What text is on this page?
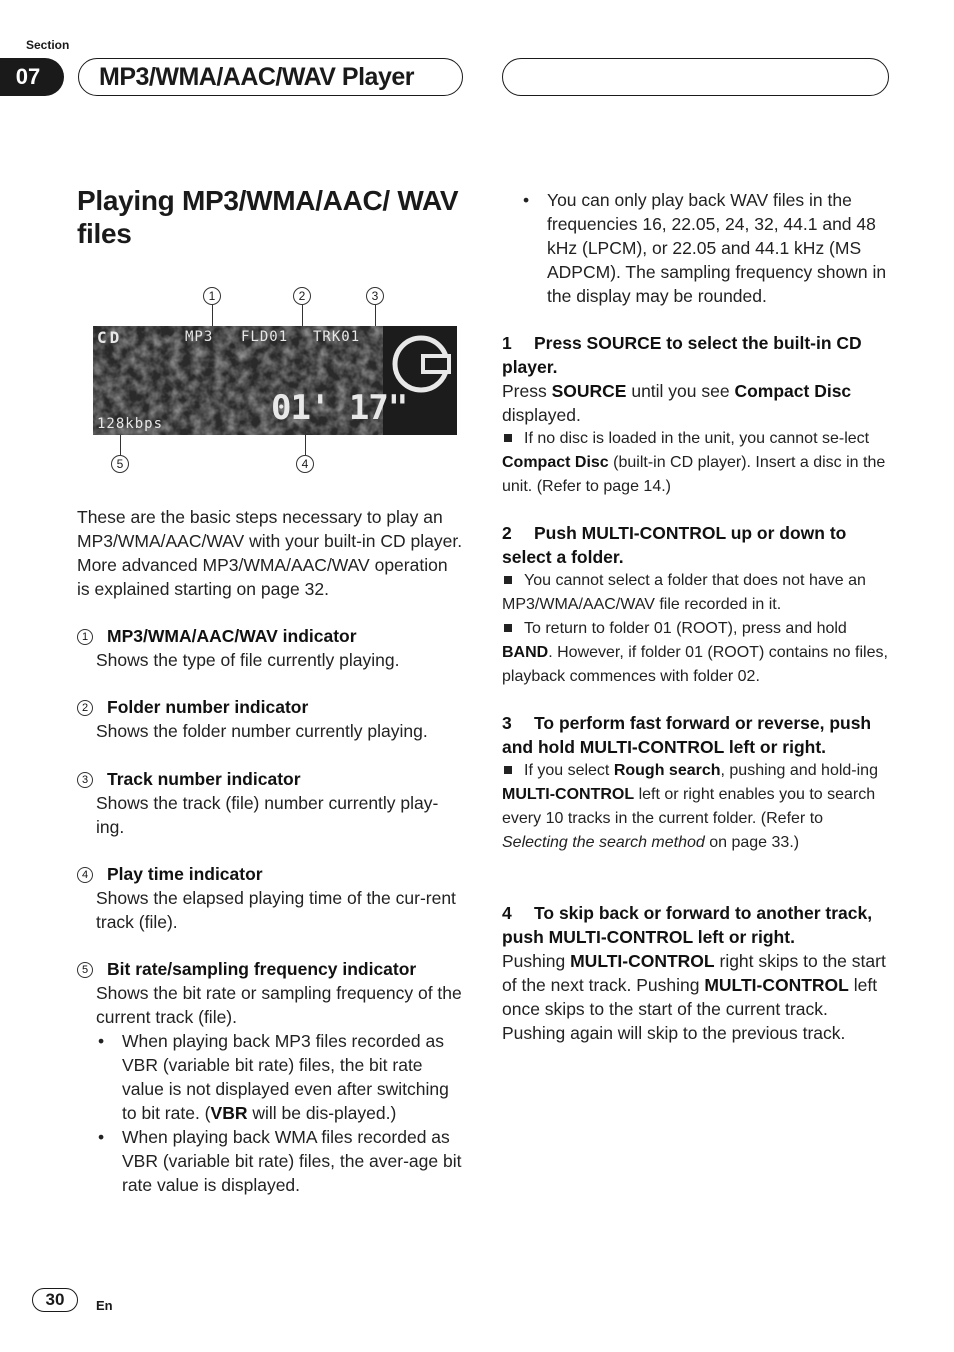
Section
07	MP3/WMA/AAC/WAV Player
Playing MP3/WMA/AAC/ WAV files
1	2	3
CD	MP3 FLD01 TRK01
128kbps	01' 17"
5	4
These are the basic steps necessary to play an MP3/WMA/AAC/WAV with your built-in CD player. More advanced MP3/WMA/AAC/WAV operation is explained starting on page 32.
1 MP3/WMA/AAC/WAV indicator
Shows the type of file currently playing.
2 Folder number indicator
Shows the folder number currently playing.
3 Track number indicator
Shows the track (file) number currently play-ing.
4 Play time indicator
Shows the elapsed playing time of the cur-rent track (file).
5 Bit rate/sampling frequency indicator
Shows the bit rate or sampling frequency of the current track (file).
•	When playing back MP3 files recorded as VBR (variable bit rate) files, the bit rate value is not displayed even after switching to bit rate. (VBR will be dis-played.)
•	When playing back WMA files recorded as VBR (variable bit rate) files, the aver-age bit rate value is displayed.
•	You can only play back WAV files in the frequencies 16, 22.05, 24, 32, 44.1 and 48 kHz (LPCM), or 22.05 and 44.1 kHz (MS ADPCM). The sampling frequency shown in the display may be rounded.
1 Press SOURCE to select the built-in CD player.
Press SOURCE until you see Compact Disc displayed.
If no disc is loaded in the unit, you cannot se-lect Compact Disc (built-in CD player). Insert a disc in the unit. (Refer to page 14.)
2 Push MULTI-CONTROL up or down to select a folder.
You cannot select a folder that does not have an MP3/WMA/AAC/WAV file recorded in it.
To return to folder 01 (ROOT), press and hold BAND. However, if folder 01 (ROOT) contains no files, playback commences with folder 02.
3 To perform fast forward or reverse, push and hold MULTI-CONTROL left or right.
If you select Rough search, pushing and hold-ing MULTI-CONTROL left or right enables you to search every 10 tracks in the current folder. (Refer to Selecting the search method on page 33.)
4 To skip back or forward to another track, push MULTI-CONTROL left or right.
Pushing MULTI-CONTROL right skips to the start of the next track. Pushing MULTI-CONTROL left once skips to the start of the current track. Pushing again will skip to the previous track.
30	En
